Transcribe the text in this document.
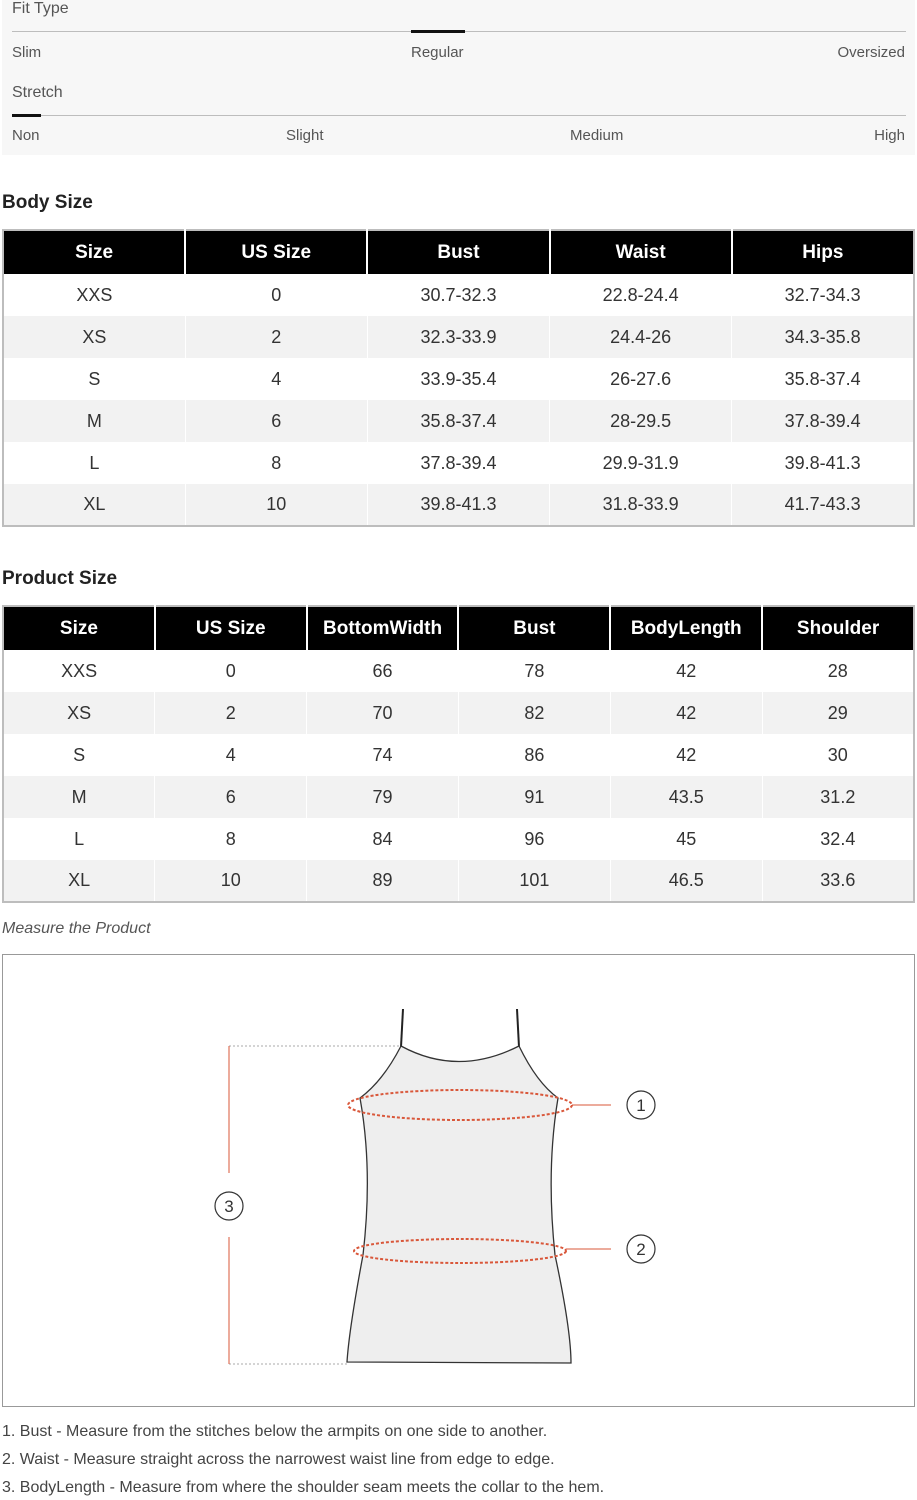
Fit Type
Slim	Regular	Oversized
Stretch
Non	Slight	Medium	High
Body Size
Size	US Size	Bust	Waist	Hips
XXS	0	30.7-32.3	22.8-24.4	32.7-34.3
XS	2	32.3-33.9	24.4-26	34.3-35.8
S	4	33.9-35.4	26-27.6	35.8-37.4
M	6	35.8-37.4	28-29.5	37.8-39.4
L	8	37.8-39.4	29.9-31.9	39.8-41.3
XL	10	39.8-41.3	31.8-33.9	41.7-43.3
Product Size
Size	US Size	BottomWidth	Bust	BodyLength	Shoulder
XXS	0	66	78	42	28
XS	2	70	82	42	29
S	4	74	86	42	30
M	6	79	91	43.5	31.2
L	8	84	96	45	32.4
XL	10	89	101	46.5	33.6
Measure the Product
1
2
3

1. Bust - Measure from the stitches below the armpits on one side to another.

2. Waist - Measure straight across the narrowest waist line from edge to edge.

3. BodyLength - Measure from where the shoulder seam meets the collar to the hem.
